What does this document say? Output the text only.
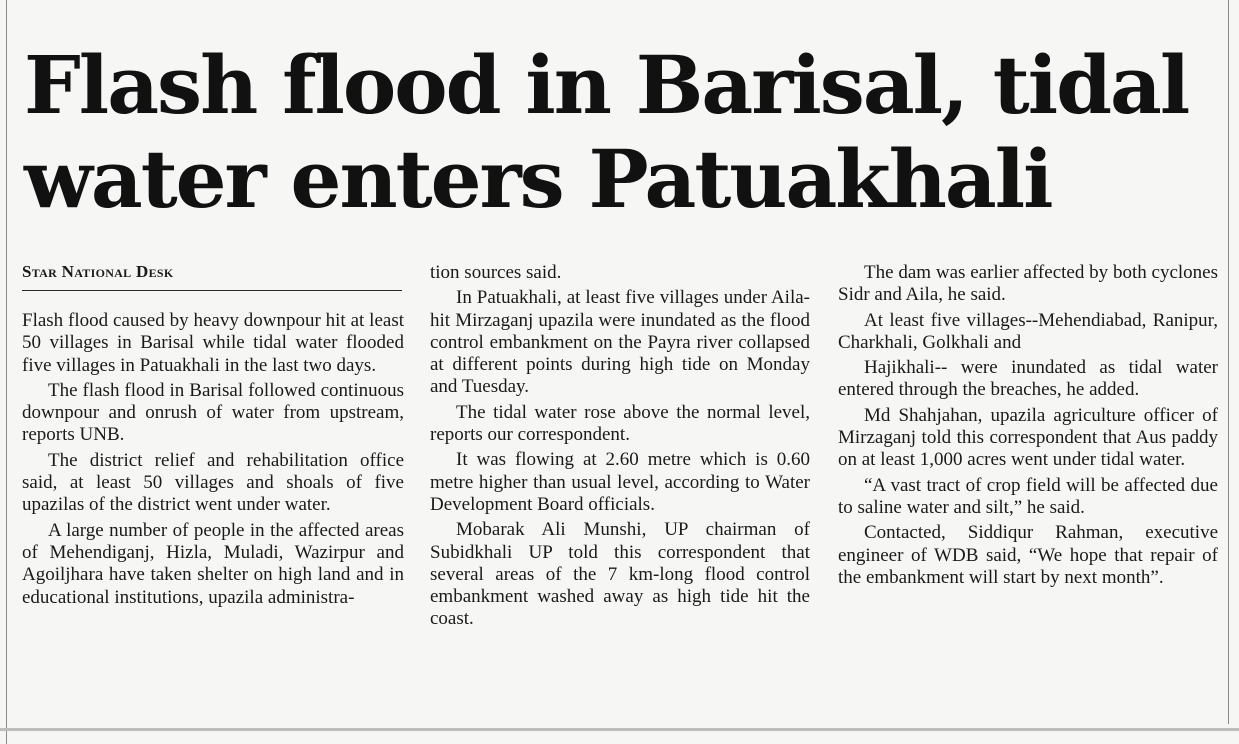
Flash flood in Barisal, tidal
water enters Patuakhali
Star National Desk

Flash flood caused by heavy downpour hit at least 50 villages in Barisal while tidal water flooded five villages in Patuakhali in the last two days.

The flash flood in Barisal followed continuous downpour and onrush of water from upstream, reports UNB.

The district relief and rehabilitation office said, at least 50 villages and shoals of five upazilas of the district went under water.

A large number of people in the affected areas of Mehendiganj, Hizla, Muladi, Wazirpur and Agoiljhara have taken shelter on high land and in educational institutions, upazila administra-

tion sources said.

In Patuakhali, at least five villages under Aila-hit Mirzaganj upazila were inundated as the flood control embankment on the Payra river collapsed at different points during high tide on Monday and Tuesday.

The tidal water rose above the normal level, reports our correspondent.

It was flowing at 2.60 metre which is 0.60 metre higher than usual level, according to Water Development Board officials.

Mobarak Ali Munshi, UP chairman of Subidkhali UP told this correspondent that several areas of the 7 km-long flood control embankment washed away as high tide hit the coast.

The dam was earlier affected by both cyclones Sidr and Aila, he said.

At least five villages--Mehendiabad, Ranipur, Charkhali, Golkhali and

Hajikhali-- were inundated as tidal water entered through the breaches, he added.

Md Shahjahan, upazila agriculture officer of Mirzaganj told this correspondent that Aus paddy on at least 1,000 acres went under tidal water.

“A vast tract of crop field will be affected due to saline water and silt,” he said.

Contacted, Siddiqur Rahman, executive engineer of WDB said, “We hope that repair of the embankment will start by next month”.
